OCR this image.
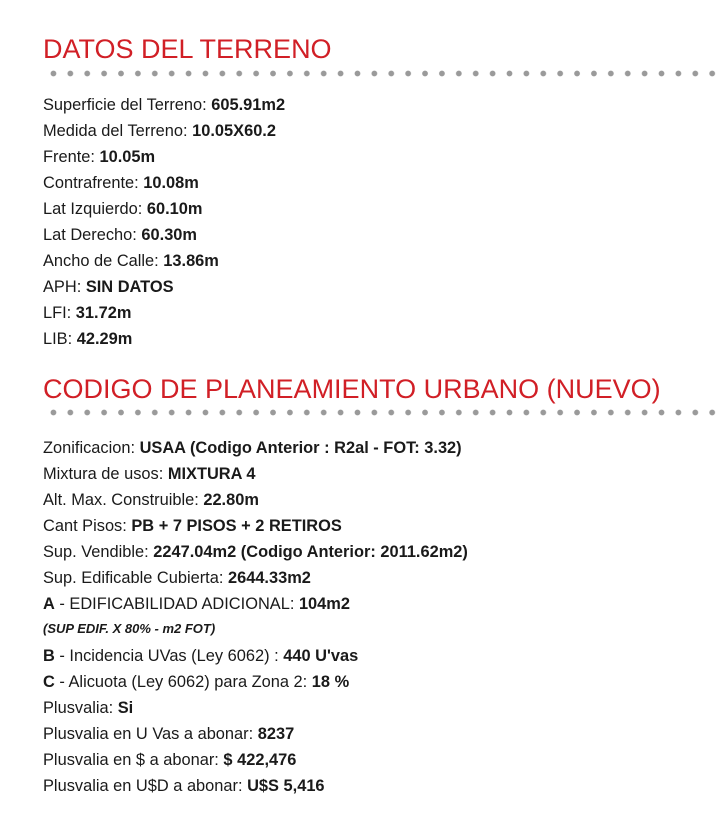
DATOS DEL TERRENO
Superficie del Terreno: 605.91m2
Medida del Terreno: 10.05X60.2
Frente: 10.05m
Contrafrente: 10.08m
Lat Izquierdo: 60.10m
Lat Derecho: 60.30m
Ancho de Calle: 13.86m
APH: SIN DATOS
LFI: 31.72m
LIB: 42.29m
CODIGO DE PLANEAMIENTO URBANO (NUEVO)
Zonificacion: USAA (Codigo Anterior : R2al - FOT: 3.32)
Mixtura de usos: MIXTURA 4
Alt. Max. Construible: 22.80m
Cant Pisos: PB + 7 PISOS + 2 RETIROS
Sup. Vendible: 2247.04m2 (Codigo Anterior: 2011.62m2)
Sup. Edificable Cubierta: 2644.33m2
A - EDIFICABILIDAD ADICIONAL: 104m2
(SUP EDIF. X 80% - m2 FOT)
B - Incidencia UVas (Ley 6062) : 440 U'vas
C - Alicuota (Ley 6062) para Zona 2: 18 %
Plusvalia: Si
Plusvalia en U Vas a abonar: 8237
Plusvalia en $ a abonar: $ 422,476
Plusvalia en U$D a abonar: U$S 5,416
